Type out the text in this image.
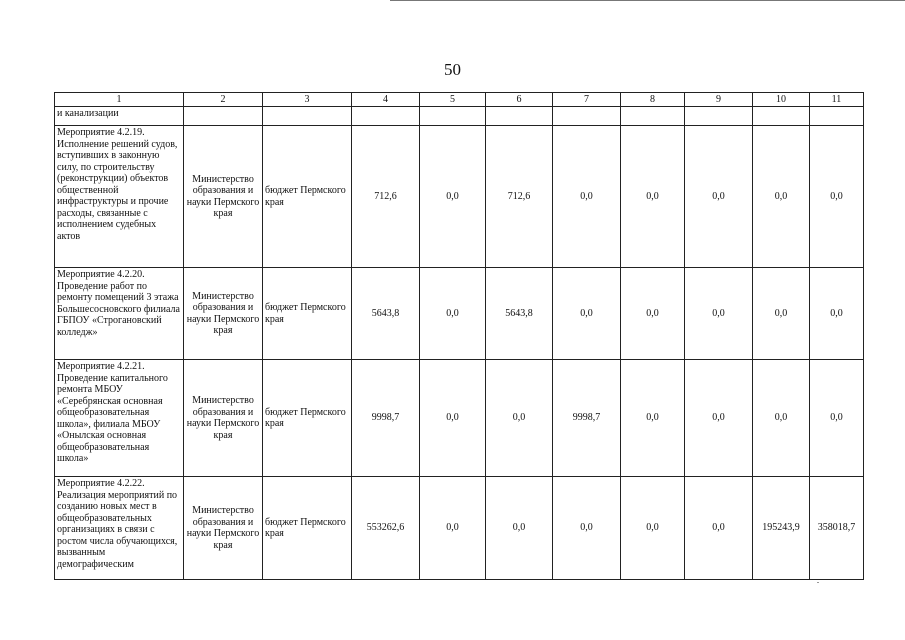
50
1	2	3	4	5	6	7	8	9	10	11
и канализации										
Мероприятие 4.2.19. Исполнение решений судов, вступивших в законную силу, по строительству (реконструкции) объектов общественной инфраструктуры и прочие расходы, связанные с исполнением судебных актов	Министерство образования и науки Пермского края	бюджет Пермского края	712,6	0,0	712,6	0,0	0,0	0,0	0,0	0,0
Мероприятие 4.2.20. Проведение работ по ремонту помещений 3 этажа Большесосновского филиала ГБПОУ «Строгановский колледж»	Министерство образования и науки Пермского края	бюджет Пермского края	5643,8	0,0	5643,8	0,0	0,0	0,0	0,0	0,0
Мероприятие 4.2.21. Проведение капитального ремонта МБОУ «Серебрянская основная общеобразовательная школа», филиала МБОУ «Онылская основная общеобразовательная школа»	Министерство образования и науки Пермского края	бюджет Пермского края	9998,7	0,0	0,0	9998,7	0,0	0,0	0,0	0,0
Мероприятие 4.2.22. Реализация мероприятий по созданию новых мест в общеобразовательных организациях в связи с ростом числа обучающихся, вызванным демографическим	Министерство образования и науки Пермского края	бюджет Пермского края	553262,6	0,0	0,0	0,0	0,0	0,0	195243,9	358018,7
